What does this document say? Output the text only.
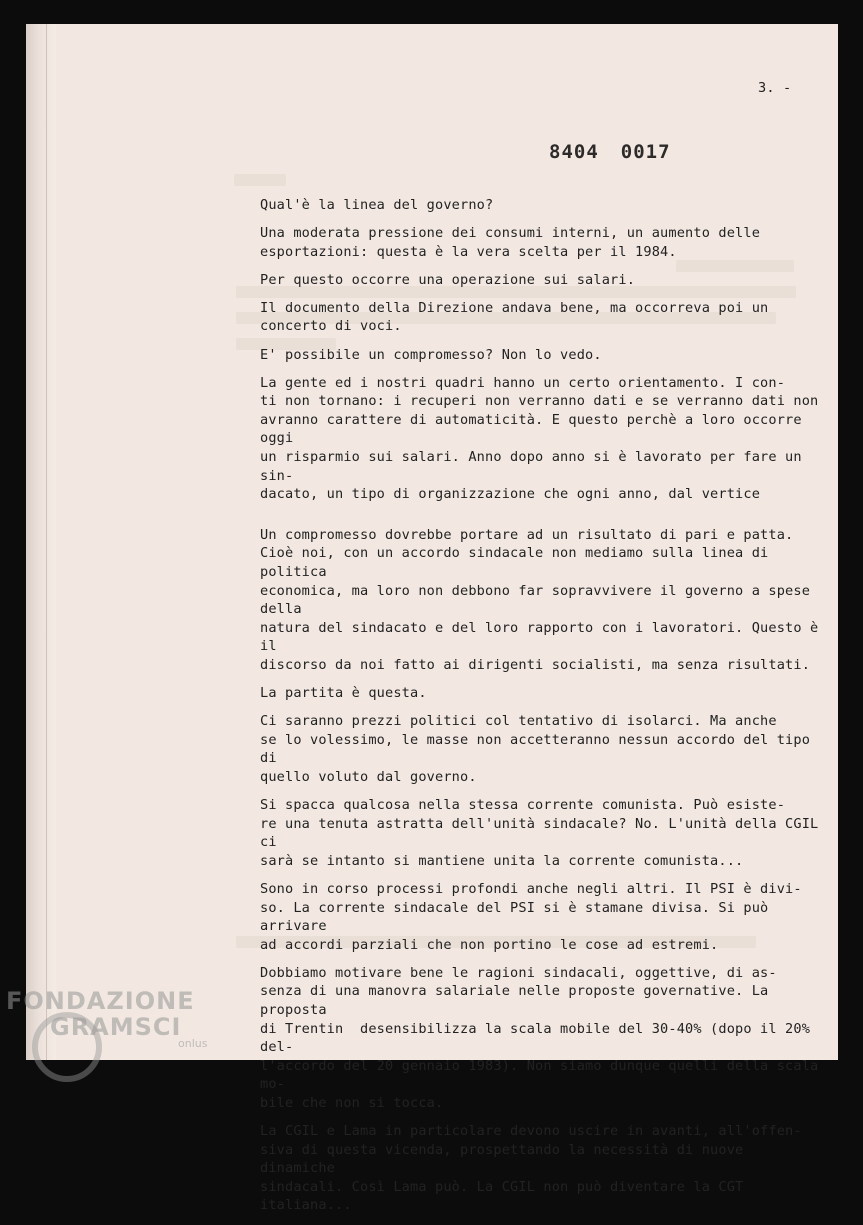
3. -
8404 0017

Qual'è la linea del governo?

Una moderata pressione dei consumi interni, un aumento delle
esportazioni: questa è la vera scelta per il 1984.

Per questo occorre una operazione sui salari.

Il documento della Direzione andava bene, ma occorreva poi un
concerto di voci.

E' possibile un compromesso? Non lo vedo.

La gente ed i nostri quadri hanno un certo orientamento. I con-
ti non tornano: i recuperi non verranno dati e se verranno dati non
avranno carattere di automaticità. E questo perchè a loro occorre oggi
un risparmio sui salari. Anno dopo anno si è lavorato per fare un sin-
dacato, un tipo di organizzazione che ogni anno, dal vertice

Un compromesso dovrebbe portare ad un risultato di pari e patta.
Cioè noi, con un accordo sindacale non mediamo sulla linea di politica
economica, ma loro non debbono far sopravvivere il governo a spese della
natura del sindacato e del loro rapporto con i lavoratori. Questo è il
discorso da noi fatto ai dirigenti socialisti, ma senza risultati.

La partita è questa.

Ci saranno prezzi politici col tentativo di isolarci. Ma anche
se lo volessimo, le masse non accetteranno nessun accordo del tipo di
quello voluto dal governo.

Si spacca qualcosa nella stessa corrente comunista. Può esiste-
re una tenuta astratta dell'unità sindacale? No. L'unità della CGIL ci
sarà se intanto si mantiene unita la corrente comunista...

Sono in corso processi profondi anche negli altri. Il PSI è divi-
so. La corrente sindacale del PSI si è stamane divisa. Si può arrivare
ad accordi parziali che non portino le cose ad estremi.

Dobbiamo motivare bene le ragioni sindacali, oggettive, di as-
senza di una manovra salariale nelle proposte governative. La proposta
di Trentin  desensibilizza la scala mobile del 30-40% (dopo il 20% del-
l'accordo del 20 gennaio 1983). Non siamo dunque quelli della scala mo-
bile che non si tocca.

La CGIL e Lama in particolare devono uscire in avanti, all'offen-
siva di questa vicenda, prospettando la necessità di nuove dinamiche
sindacali. Così Lama può. La CGIL non può diventare la CGT italiana...

FONDAZIONE
GRAMSCI
onlus
